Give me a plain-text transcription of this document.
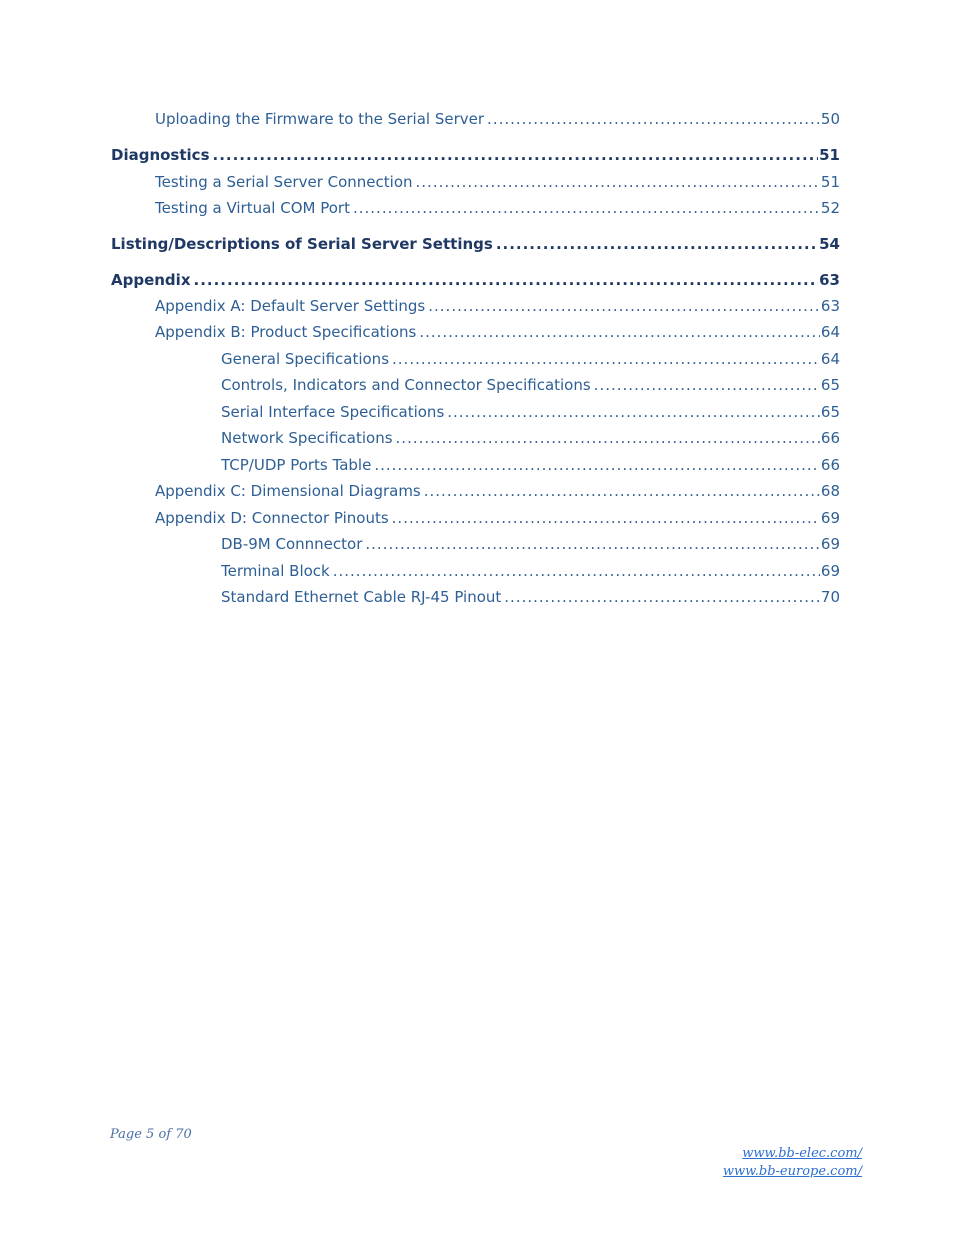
Uploading the Firmware to the Serial Server .....	50
Diagnostics .....	51
Testing a Serial Server Connection .....	51
Testing a Virtual COM Port .....	52
Listing/Descriptions of Serial Server Settings .....	54
Appendix .....	63
Appendix A: Default Server Settings .....	63
Appendix B: Product Specifications .....	64
General Specifications .....	64
Controls, Indicators and Connector Specifications .....	65
Serial Interface Specifications .....	65
Network Specifications .....	66
TCP/UDP Ports Table .....	66
Appendix C: Dimensional Diagrams .....	68
Appendix D: Connector Pinouts .....	69
DB-9M Connnector .....	69
Terminal Block .....	69
Standard Ethernet Cable RJ-45 Pinout .....	70
Page 5 of 70
www.bb-elec.com/
www.bb-europe.com/
